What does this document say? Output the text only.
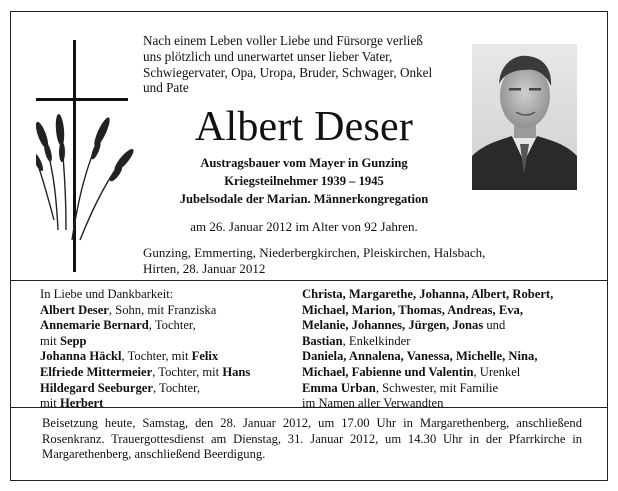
Nach einem Leben voller Liebe und Fürsorge verließ
uns plötzlich und unerwartet unser lieber Vater,
Schwiegervater, Opa, Uropa, Bruder, Schwager, Onkel
und Pate
Albert Deser
Austragsbauer vom Mayer in Gunzing
Kriegsteilnehmer 1939 – 1945
Jubelsodale der Marian. Männerkongregation
am 26. Januar 2012 im Alter von 92 Jahren.
Gunzing, Emmerting, Niederbergkirchen, Pleiskirchen, Halsbach,
Hirten, 28. Januar 2012
In Liebe und Dankbarkeit:
Albert Deser, Sohn, mit Franziska
Annemarie Bernard, Tochter,
mit Sepp
Johanna Häckl, Tochter, mit Felix
Elfriede Mittermeier, Tochter, mit Hans
Hildegard Seeburger, Tochter,
mit Herbert
Christa, Margarethe, Johanna, Albert, Robert,
Michael, Marion, Thomas, Andreas, Eva,
Melanie, Johannes, Jürgen, Jonas und
Bastian, Enkelkinder
Daniela, Annalena, Vanessa, Michelle, Nina,
Michael, Fabienne und Valentin, Urenkel
Emma Urban, Schwester, mit Familie
im Namen aller Verwandten
Beisetzung heute, Samstag, den 28. Januar 2012, um 17.00 Uhr in Margarethenberg, anschließend Rosenkranz. Trauergottesdienst am Dienstag, 31. Januar 2012, um 14.30 Uhr in der Pfarrkirche in Margarethenberg, anschließend Beerdigung.
